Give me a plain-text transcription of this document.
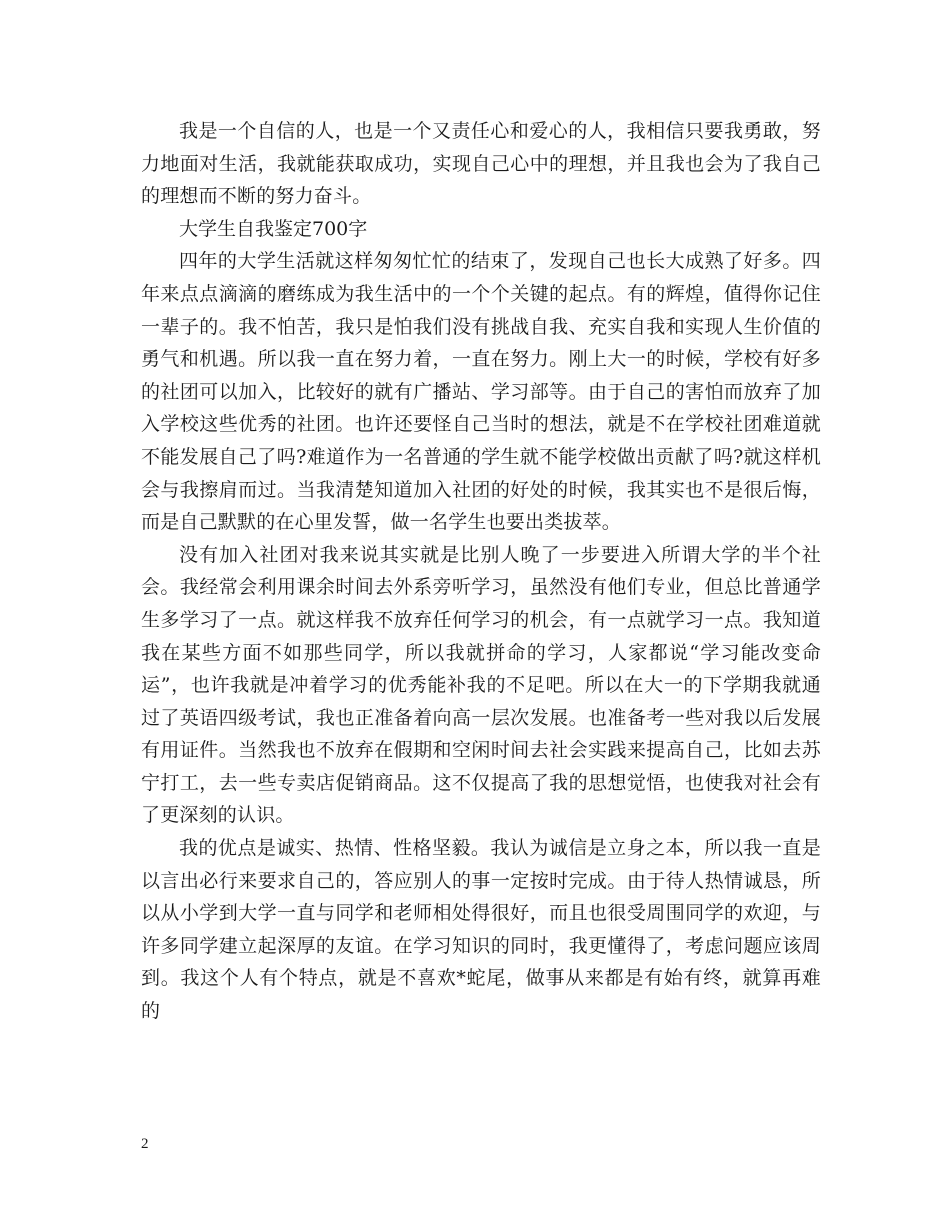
我是一个自信的人，也是一个又责任心和爱心的人，我相信只要我勇敢，努力地面对生活，我就能获取成功，实现自己心中的理想，并且我也会为了我自己的理想而不断的努力奋斗。

大学生自我鉴定700字

四年的大学生活就这样匆匆忙忙的结束了，发现自己也长大成熟了好多。四年来点点滴滴的磨练成为我生活中的一个个关键的起点。有的辉煌，值得你记住一辈子的。我不怕苦，我只是怕我们没有挑战自我、充实自我和实现人生价值的勇气和机遇。所以我一直在努力着，一直在努力。刚上大一的时候，学校有好多的社团可以加入，比较好的就有广播站、学习部等。由于自己的害怕而放弃了加入学校这些优秀的社团。也许还要怪自己当时的想法，就是不在学校社团难道就不能发展自己了吗?难道作为一名普通的学生就不能学校做出贡献了吗?就这样机会与我擦肩而过。当我清楚知道加入社团的好处的时候，我其实也不是很后悔，而是自己默默的在心里发誓，做一名学生也要出类拔萃。

没有加入社团对我来说其实就是比别人晚了一步要进入所谓大学的半个社会。我经常会利用课余时间去外系旁听学习，虽然没有他们专业，但总比普通学生多学习了一点。就这样我不放弃任何学习的机会，有一点就学习一点。我知道我在某些方面不如那些同学，所以我就拼命的学习，人家都说“学习能改变命运”，也许我就是冲着学习的优秀能补我的不足吧。所以在大一的下学期我就通过了英语四级考试，我也正准备着向高一层次发展。也准备考一些对我以后发展有用证件。当然我也不放弃在假期和空闲时间去社会实践来提高自己，比如去苏宁打工，去一些专卖店促销商品。这不仅提高了我的思想觉悟，也使我对社会有了更深刻的认识。

我的优点是诚实、热情、性格坚毅。我认为诚信是立身之本，所以我一直是以言出必行来要求自己的，答应别人的事一定按时完成。由于待人热情诚恳，所以从小学到大学一直与同学和老师相处得很好，而且也很受周围同学的欢迎，与许多同学建立起深厚的友谊。在学习知识的同时，我更懂得了，考虑问题应该周到。我这个人有个特点，就是不喜欢*蛇尾，做事从来都是有始有终，就算再难的

2
